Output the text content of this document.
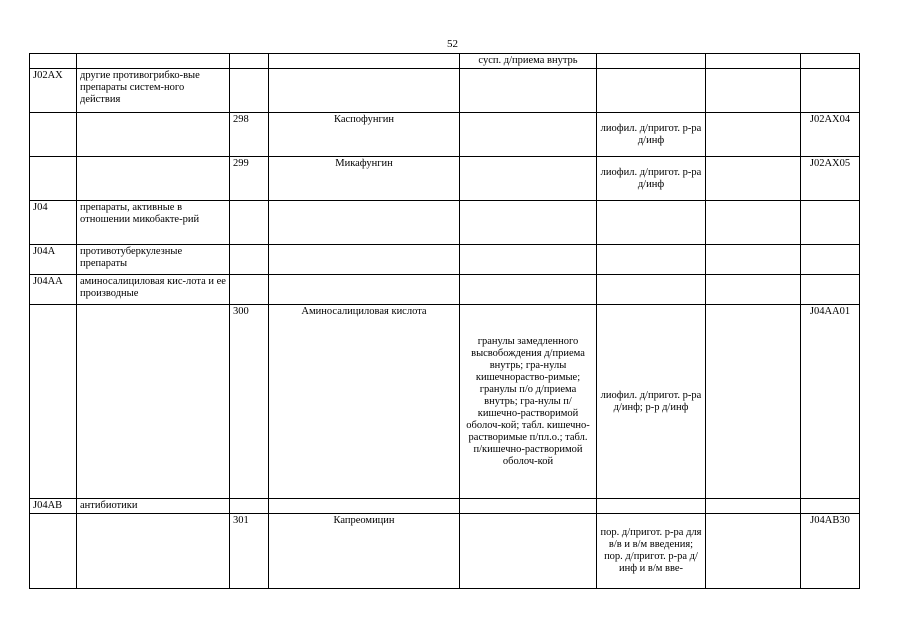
52
				сусп. д/приема внутрь			
J02AX	другие противогрибко-вые препараты систем-ного действия						
		298	Каспофунгин		лиофил. д/пригот. р-ра д/инф		J02AX04
		299	Микафунгин		лиофил. д/пригот. р-ра д/инф		J02AX05
J04	препараты, активные в отношении микобакте-рий						
J04A	противотуберкулезные препараты						
J04AA	аминосалициловая кис-лота и ее производные						
		300	Аминосалициловая кислота	гранулы замедленного высвобождения д/приема внутрь; гра-нулы кишечнораство-римые; гранулы п/о д/приема внутрь; гра-нулы п/кишечно-растворимой оболоч-кой; табл. кишечно-растворимые п/пл.о.; табл. п/кишечно-растворимой оболоч-кой	лиофил. д/пригот. р-ра д/инф; р-р д/инф		J04AA01
J04AB	антибиотики						
		301	Капреомицин		пор. д/пригот. р-ра для в/в и в/м введения; пор. д/пригот. р-ра д/инф и в/м вве-		J04AB30
